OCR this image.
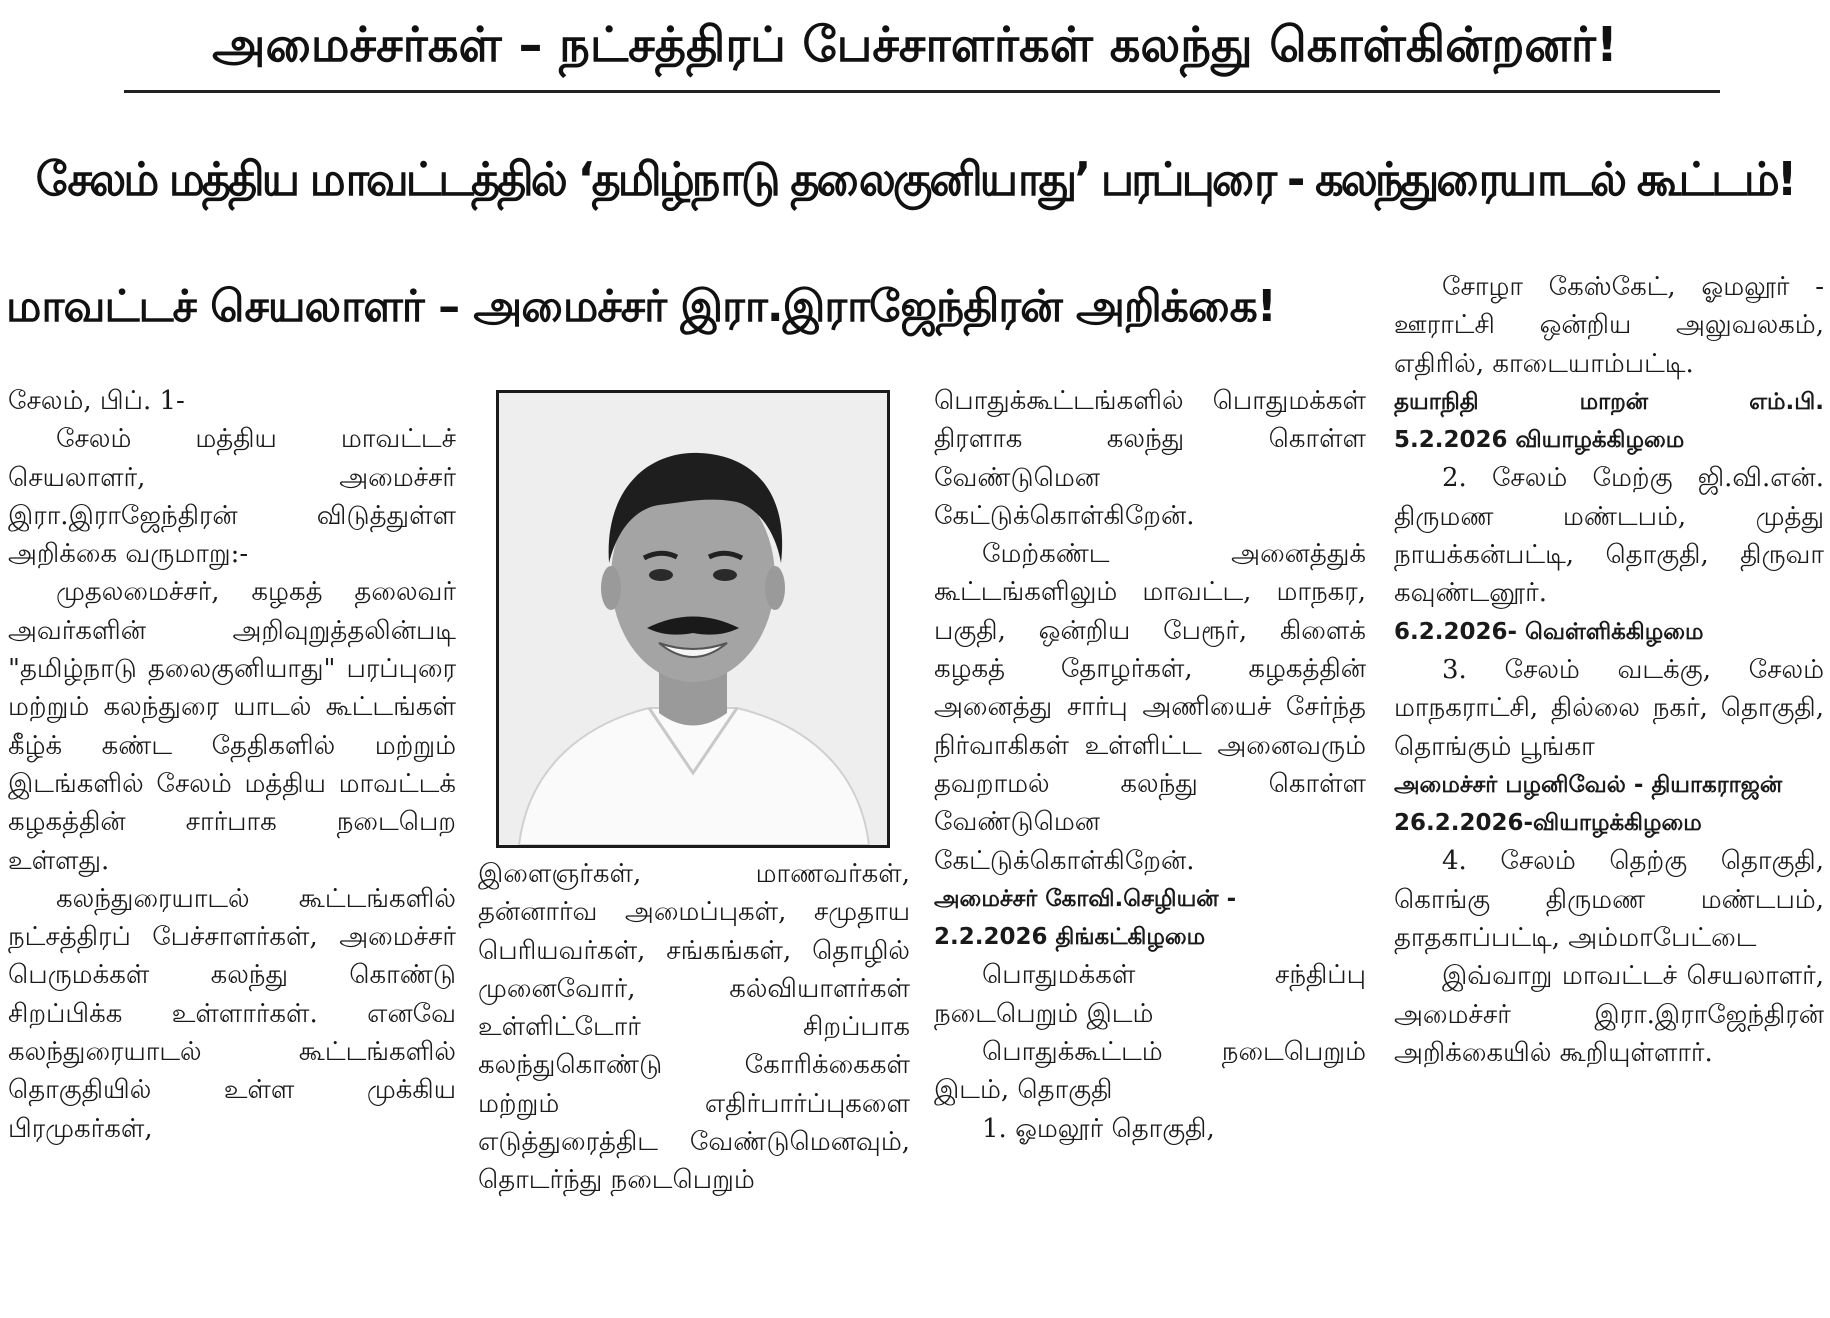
அமைச்சர்கள் – நட்சத்திரப் பேச்சாளர்கள் கலந்து கொள்கின்றனர்!
சேலம் மத்திய மாவட்டத்தில் ‘தமிழ்நாடு தலைகுனியாது’ பரப்புரை - கலந்துரையாடல் கூட்டம்!
மாவட்டச் செயலாளர் – அமைச்சர் இரா.இராஜேந்திரன் அறிக்கை!

சேலம், பிப். 1-

சேலம் மத்திய மாவட்டச் செயலாளர், அமைச்சர் இரா.இராஜேந்திரன் விடுத்துள்ள அறிக்கை வருமாறு:-

முதலமைச்சர், கழகத் தலைவர் அவர்களின் அறிவுறுத்தலின்படி "தமிழ்நாடு தலைகுனியாது" பரப்புரை மற்றும் கலந்துரை யாடல் கூட்டங்கள் கீழ்க் கண்ட தேதிகளில் மற்றும் இடங்களில் சேலம் மத்திய மாவட்டக் கழகத்தின் சார்பாக நடைபெற உள்ளது.

கலந்துரையாடல் கூட்டங்களில் நட்சத்திரப் பேச்சாளர்கள், அமைச்சர் பெருமக்கள் கலந்து கொண்டு சிறப்பிக்க உள்ளார்கள். எனவே கலந்துரையாடல் கூட்டங்களில் தொகுதியில் உள்ள முக்கிய பிரமுகர்கள்,

இளைஞர்கள், மாணவர்கள், தன்னார்வ அமைப்புகள், சமுதாய பெரியவர்கள், சங்கங்கள், தொழில் முனைவோர், கல்வியாளர்கள் உள்ளிட்டோர் சிறப்பாக கலந்துகொண்டு கோரிக்கைகள் மற்றும் எதிர்பார்ப்புகளை எடுத்துரைத்திட வேண்டுமெனவும், தொடர்ந்து நடைபெறும்

பொதுக்கூட்டங்களில் பொதுமக்கள் திரளாக கலந்து கொள்ள வேண்டுமென கேட்டுக்கொள்கிறேன்.

மேற்கண்ட அனைத்துக் கூட்டங்களிலும் மாவட்ட, மாநகர, பகுதி, ஒன்றிய பேரூர், கிளைக் கழகத் தோழர்கள், கழகத்தின் அனைத்து சார்பு அணியைச் சேர்ந்த நிர்வாகிகள் உள்ளிட்ட அனைவரும் தவறாமல் கலந்து கொள்ள வேண்டுமென கேட்டுக்கொள்கிறேன்.

அமைச்சர் கோவி.செழியன் -

2.2.2026 திங்கட்கிழமை

பொதுமக்கள் சந்திப்பு நடைபெறும் இடம்

பொதுக்கூட்டம் நடைபெறும் இடம், தொகுதி

1. ஓமலூர் தொகுதி,

சோழா கேஸ்கேட், ஓமலூர் - ஊராட்சி ஒன்றிய அலுவலகம், எதிரில், காடையாம்பட்டி.

தயாநிதி மாறன் எம்.பி.

5.2.2026 வியாழக்கிழமை

2. சேலம் மேற்கு ஜி.வி.என். திருமண மண்டபம், முத்து நாயக்கன்பட்டி, தொகுதி, திருவா கவுண்டனூர்.

6.2.2026- வெள்ளிக்கிழமை

3. சேலம் வடக்கு, சேலம் மாநகராட்சி, தில்லை நகர், தொகுதி, தொங்கும் பூங்கா

அமைச்சர் பழனிவேல் - தியாகராஜன்

26.2.2026-வியாழக்கிழமை

4. சேலம் தெற்கு தொகுதி, கொங்கு திருமண மண்டபம், தாதகாப்பட்டி, அம்மாபேட்டை

இவ்வாறு மாவட்டச் செயலாளர், அமைச்சர் இரா.இராஜேந்திரன் அறிக்கையில் கூறியுள்ளார்.
